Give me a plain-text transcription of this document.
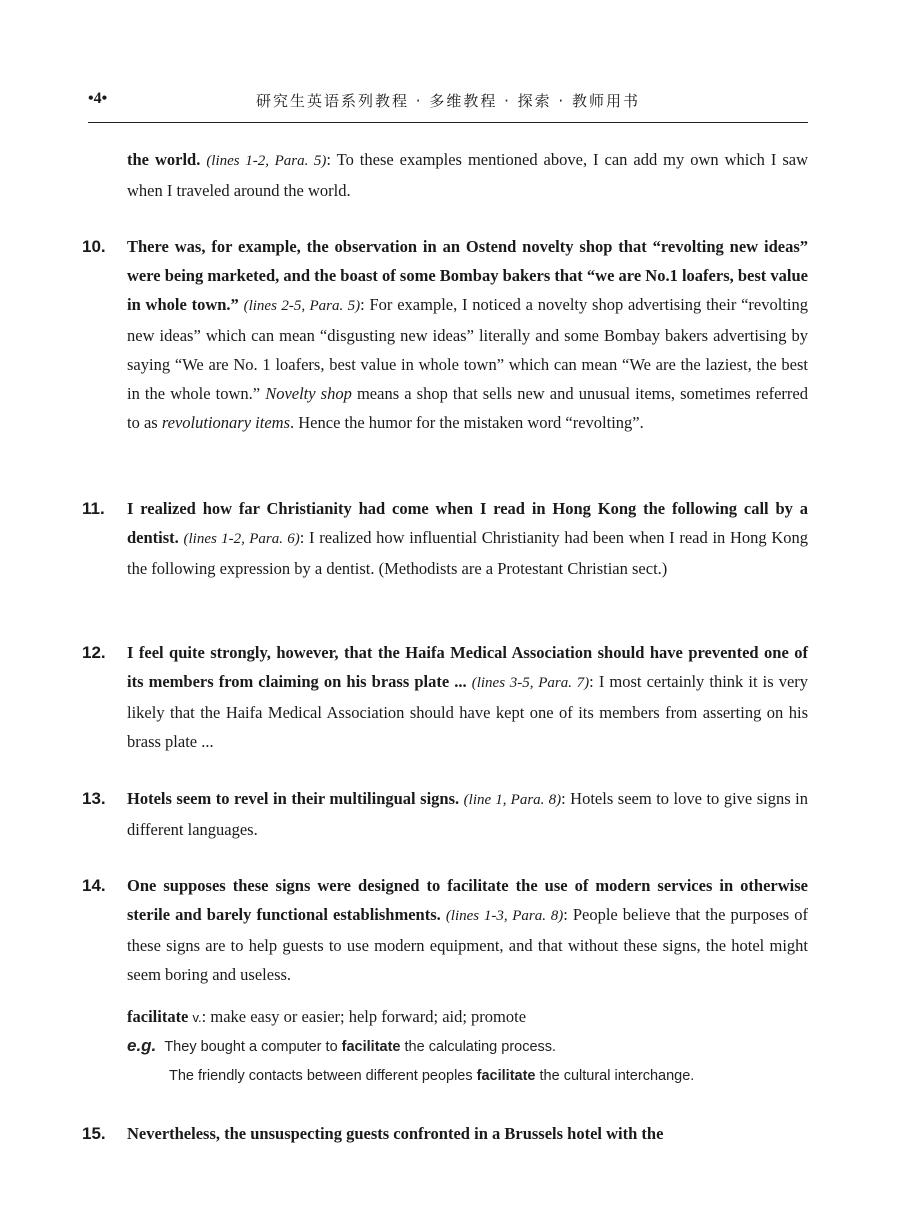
•4•	研究生英语系列教程 · 多维教程 · 探索 · 教师用书
the world. (lines 1-2, Para. 5): To these examples mentioned above, I can add my own which I saw when I traveled around the world.
10.	There was, for example, the observation in an Ostend novelty shop that “revolting new ideas” were being marketed, and the boast of some Bombay bakers that “we are No.1 loafers, best value in whole town.” (lines 2-5, Para. 5): For example, I noticed a novelty shop advertising their “revolting new ideas” which can mean “disgusting new ideas” literally and some Bombay bakers advertising by saying “We are No. 1 loafers, best value in whole town” which can mean “We are the laziest, the best in the whole town.” Novelty shop means a shop that sells new and unusual items, sometimes referred to as revolutionary items. Hence the humor for the mistaken word “revolting”.
11.	I realized how far Christianity had come when I read in Hong Kong the following call by a dentist. (lines 1-2, Para. 6): I realized how influential Christianity had been when I read in Hong Kong the following expression by a dentist. (Methodists are a Protestant Christian sect.)
12.	I feel quite strongly, however, that the Haifa Medical Association should have prevented one of its members from claiming on his brass plate ... (lines 3-5, Para. 7): I most certainly think it is very likely that the Haifa Medical Association should have kept one of its members from asserting on his brass plate ...
13.	Hotels seem to revel in their multilingual signs. (line 1, Para. 8): Hotels seem to love to give signs in different languages.
14.	One supposes these signs were designed to facilitate the use of modern services in otherwise sterile and barely functional establishments. (lines 1-3, Para. 8): People believe that the purposes of these signs are to help guests to use modern equipment, and that without these signs, the hotel might seem boring and useless.
facilitate v.: make easy or easier; help forward; aid; promote
e.g. They bought a computer to facilitate the calculating process.
The friendly contacts between different peoples facilitate the cultural interchange.
15.	Nevertheless, the unsuspecting guests confronted in a Brussels hotel with the
